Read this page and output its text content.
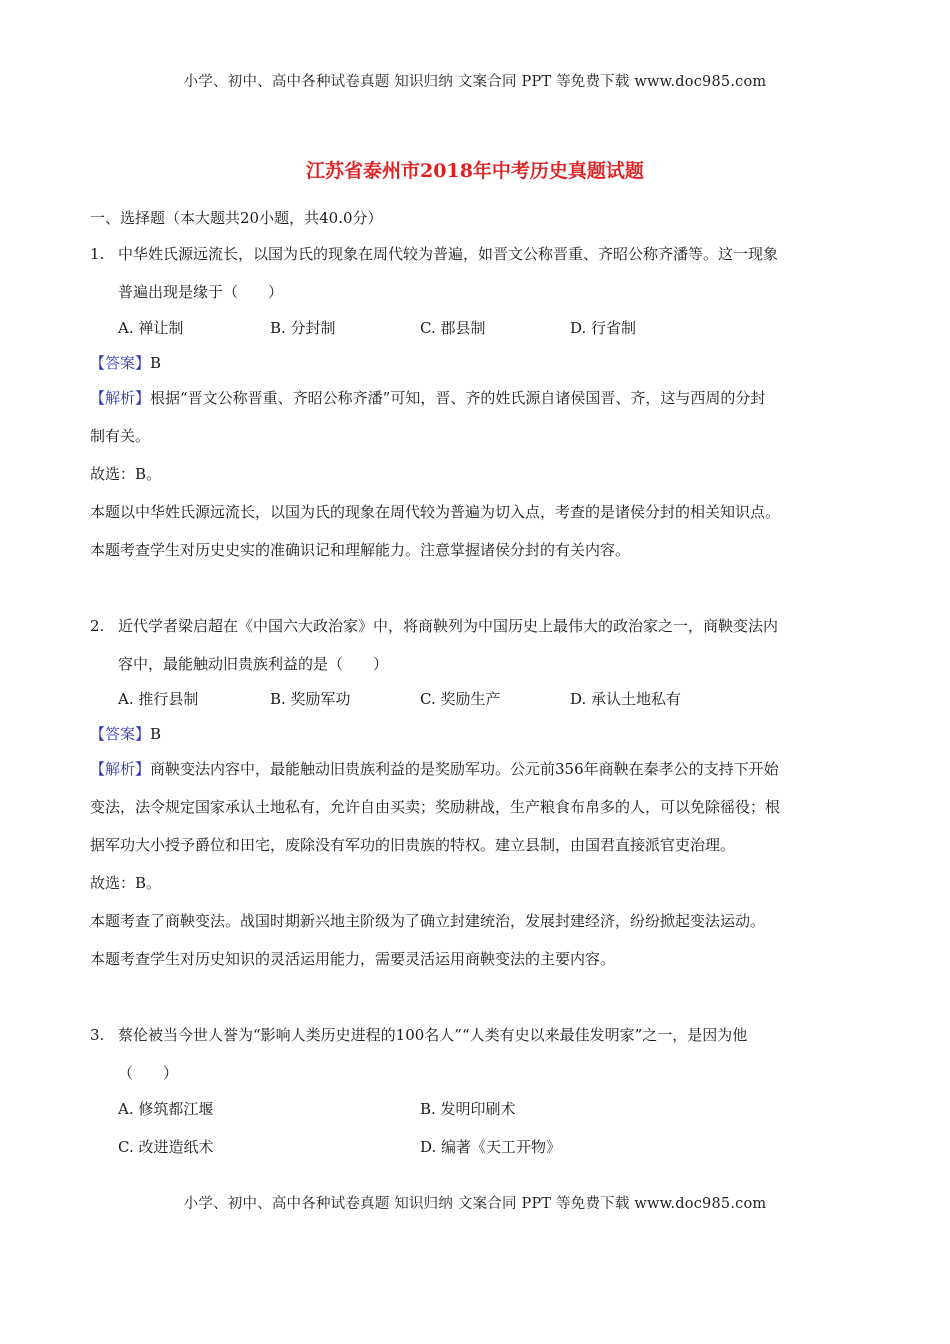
小学、初中、高中各种试卷真题 知识归纳 文案合同 PPT 等免费下载 www.doc985.com
江苏省泰州市2018年中考历史真题试题
一、选择题（本大题共20小题，共40.0分）
1. 中华姓氏源远流长，以国为氏的现象在周代较为普遍，如晋文公称晋重、齐昭公称齐潘等。这一现象
普遍出现是缘于（　　）
A. 禅让制	B. 分封制	C. 郡县制	D. 行省制
【答案】B
【解析】根据“晋文公称晋重、齐昭公称齐潘”可知，晋、齐的姓氏源自诸侯国晋、齐，这与西周的分封
制有关。
故选：B。
本题以中华姓氏源远流长，以国为氏的现象在周代较为普遍为切入点，考查的是诸侯分封的相关知识点。
本题考查学生对历史史实的准确识记和理解能力。注意掌握诸侯分封的有关内容。
2. 近代学者梁启超在《中国六大政治家》中，将商鞅列为中国历史上最伟大的政治家之一，商鞅变法内
容中，最能触动旧贵族利益的是（　　）
A. 推行县制	B. 奖励军功	C. 奖励生产	D. 承认土地私有
【答案】B
【解析】商鞅变法内容中，最能触动旧贵族利益的是奖励军功。公元前356年商鞅在秦孝公的支持下开始
变法，法令规定国家承认土地私有，允许自由买卖；奖励耕战，生产粮食布帛多的人，可以免除徭役；根
据军功大小授予爵位和田宅，废除没有军功的旧贵族的特权。建立县制，由国君直接派官吏治理。
故选：B。
本题考查了商鞅变法。战国时期新兴地主阶级为了确立封建统治，发展封建经济，纷纷掀起变法运动。
本题考查学生对历史知识的灵活运用能力，需要灵活运用商鞅变法的主要内容。
3. 蔡伦被当今世人誉为“影响人类历史进程的100名人”“人类有史以来最佳发明家”之一，是因为他
（　　）
A. 修筑都江堰	B. 发明印刷术
C. 改进造纸术	D. 编著《天工开物》
小学、初中、高中各种试卷真题 知识归纳 文案合同 PPT 等免费下载 www.doc985.com
